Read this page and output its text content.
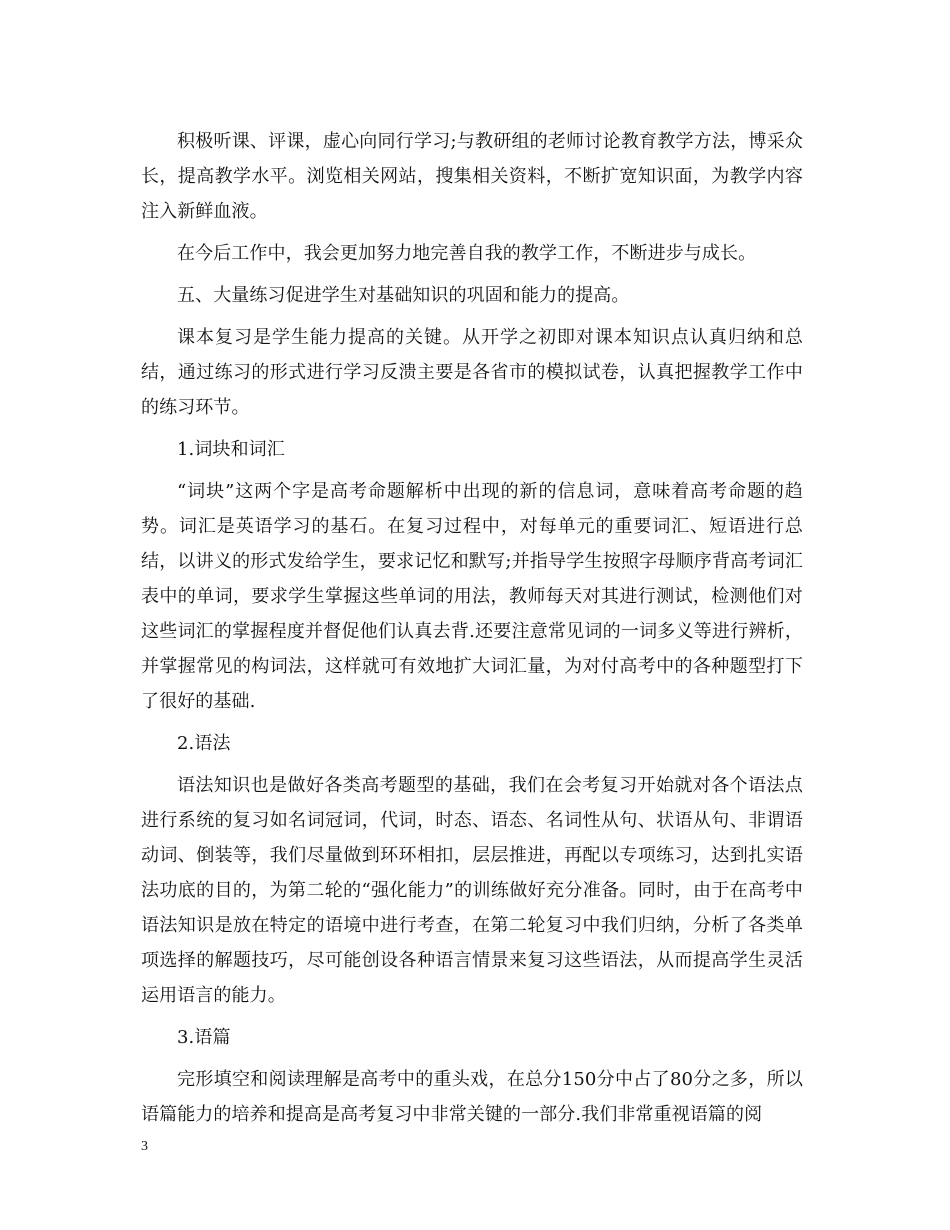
积极听课、评课，虚心向同行学习;与教研组的老师讨论教育教学方法，博采众长，提高教学水平。浏览相关网站，搜集相关资料，不断扩宽知识面，为教学内容注入新鲜血液。

在今后工作中，我会更加努力地完善自我的教学工作，不断进步与成长。

五、大量练习促进学生对基础知识的巩固和能力的提高。

课本复习是学生能力提高的关键。从开学之初即对课本知识点认真归纳和总结，通过练习的形式进行学习反溃主要是各省市的模拟试卷，认真把握教学工作中的练习环节。

1.词块和词汇

“词块”这两个字是高考命题解析中出现的新的信息词，意味着高考命题的趋势。词汇是英语学习的基石。在复习过程中，对每单元的重要词汇、短语进行总结，以讲义的形式发给学生，要求记忆和默写;并指导学生按照字母顺序背高考词汇表中的单词，要求学生掌握这些单词的用法，教师每天对其进行测试，检测他们对这些词汇的掌握程度并督促他们认真去背.还要注意常见词的一词多义等进行辨析，并掌握常见的构词法，这样就可有效地扩大词汇量，为对付高考中的各种题型打下了很好的基础.

2.语法

语法知识也是做好各类高考题型的基础，我们在会考复习开始就对各个语法点进行系统的复习如名词冠词，代词，时态、语态、名词性从句、状语从句、非谓语动词、倒装等，我们尽量做到环环相扣，层层推进，再配以专项练习，达到扎实语法功底的目的，为第二轮的“强化能力”的训练做好充分准备。同时，由于在高考中语法知识是放在特定的语境中进行考查，在第二轮复习中我们归纳，分析了各类单项选择的解题技巧，尽可能创设各种语言情景来复习这些语法，从而提高学生灵活运用语言的能力。

3.语篇

完形填空和阅读理解是高考中的重头戏，在总分150分中占了80分之多，所以语篇能力的培养和提高是高考复习中非常关键的一部分.我们非常重视语篇的阅

3
